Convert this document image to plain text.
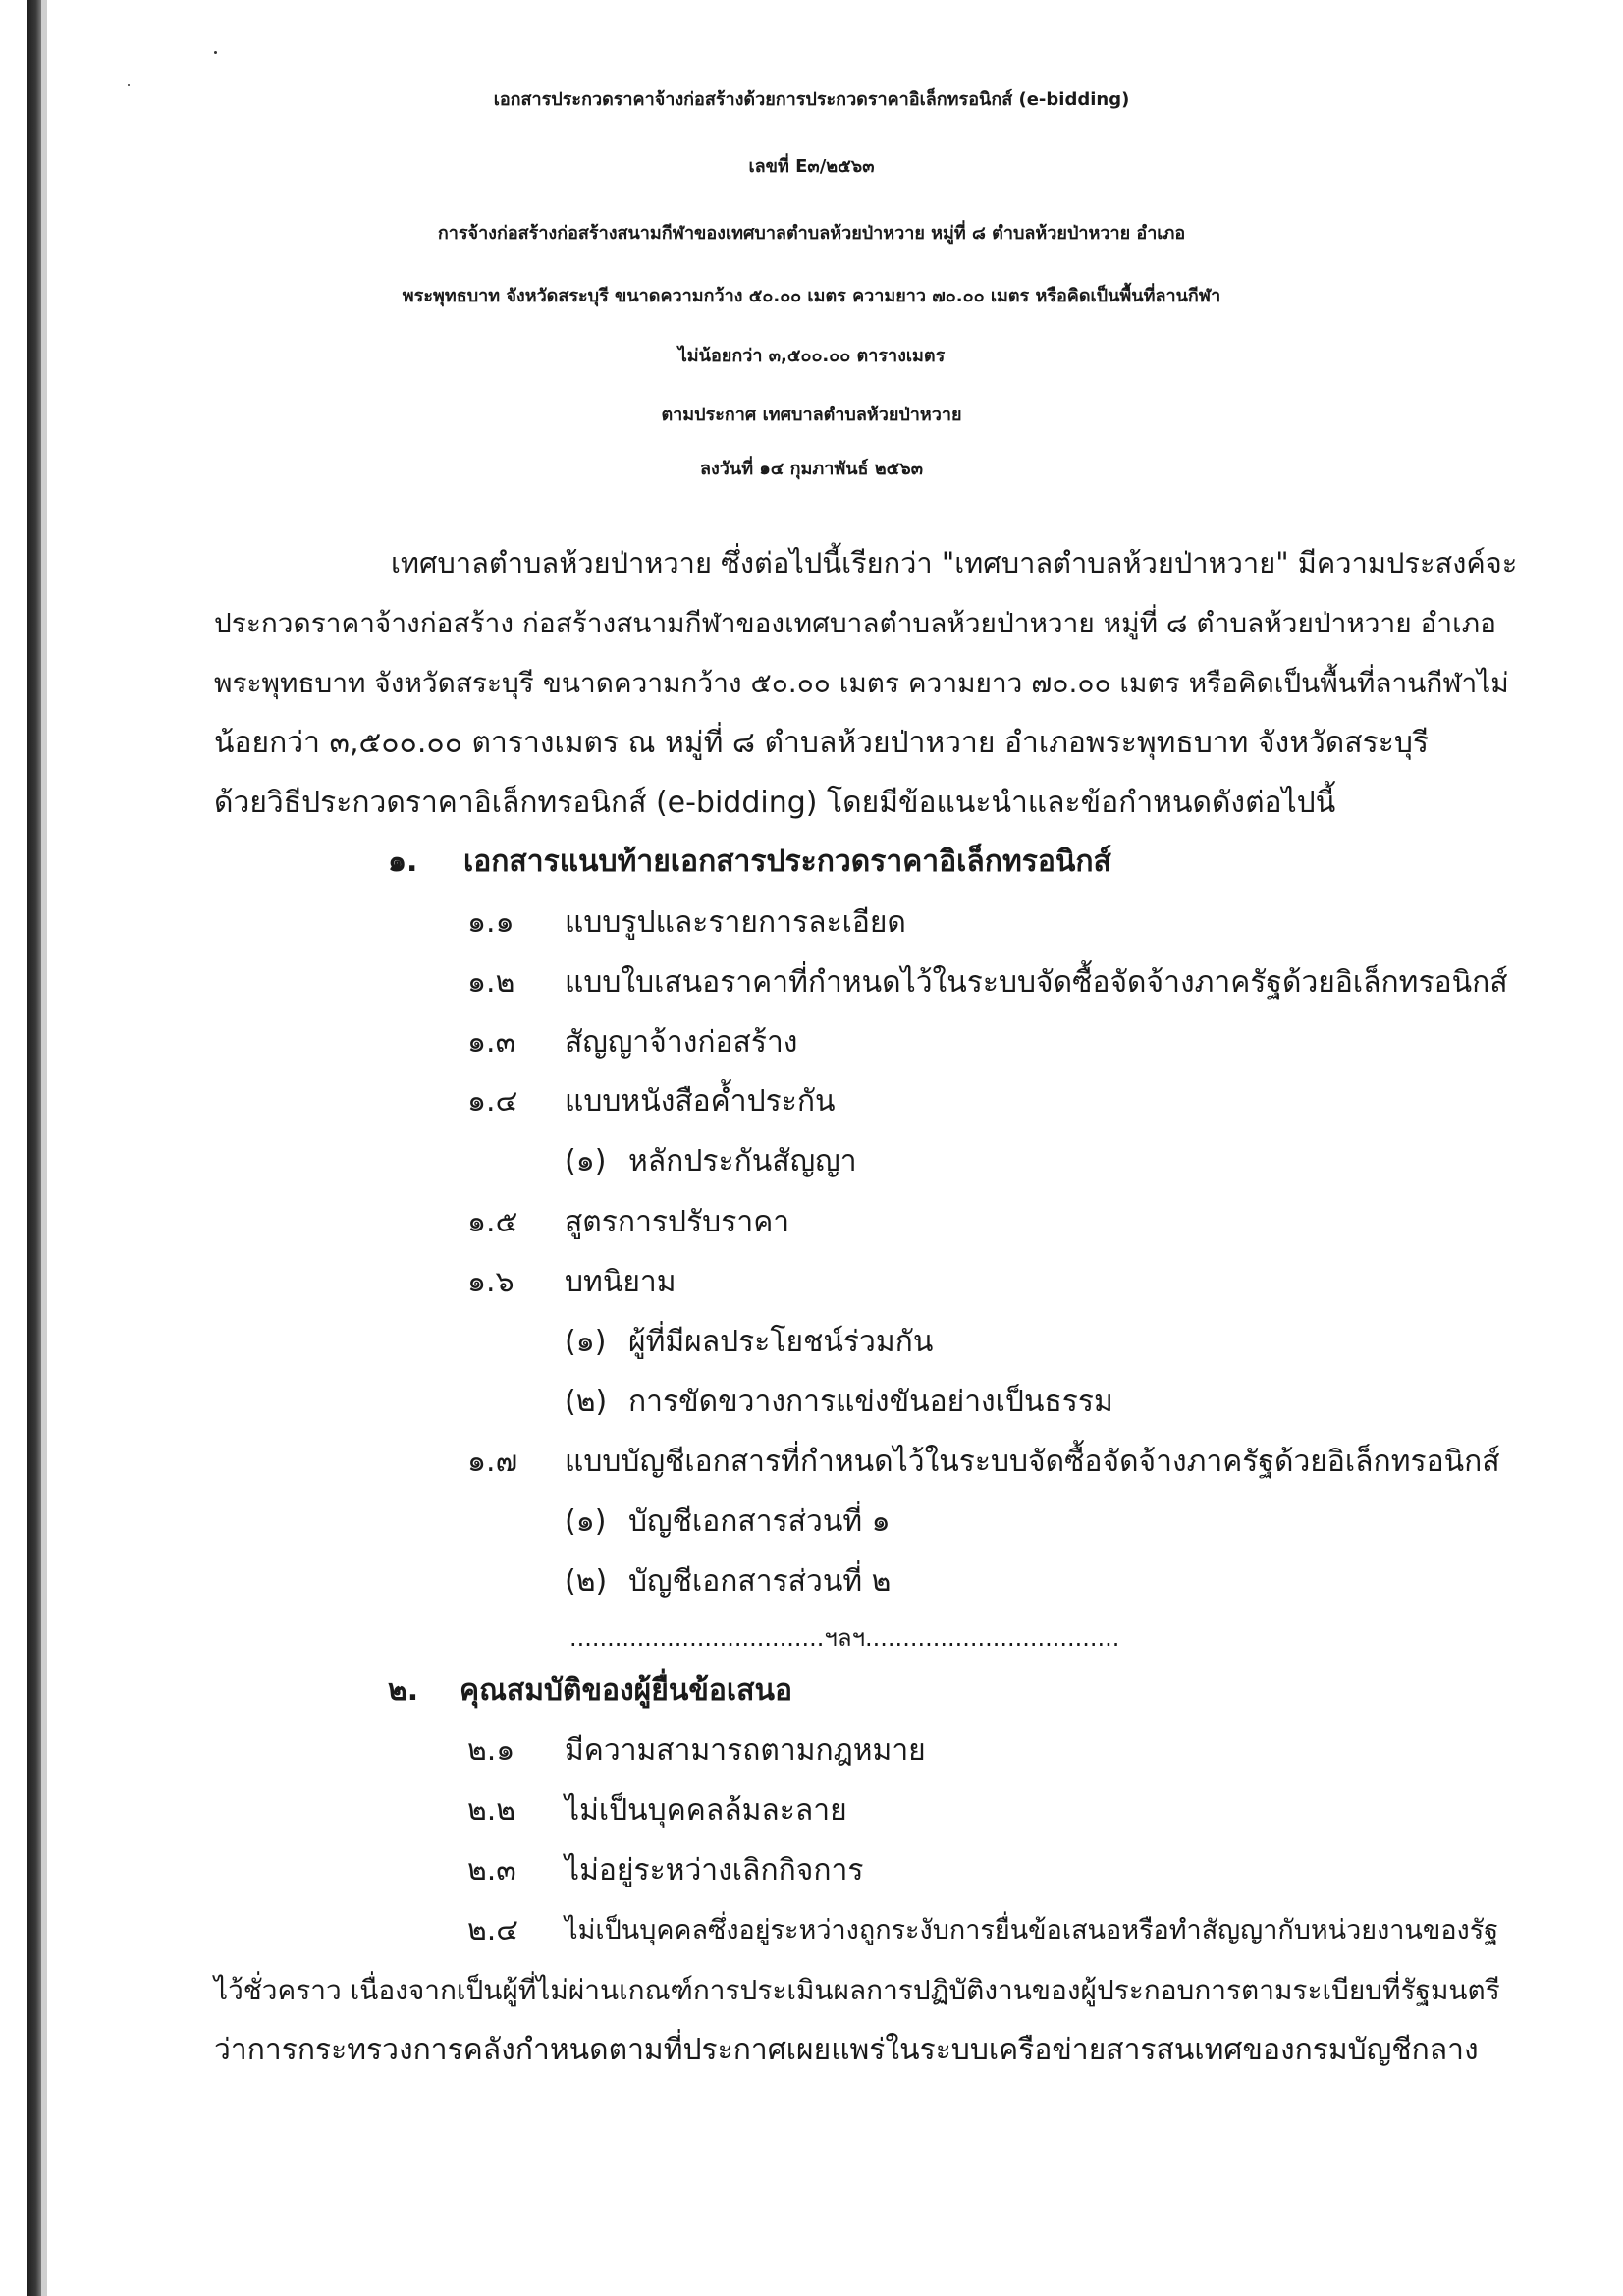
เอกสารประกวดราคาจ้างก่อสร้างด้วยการประกวดราคาอิเล็กทรอนิกส์ (e-bidding)
เลขที่ E๓/๒๕๖๓
การจ้างก่อสร้างก่อสร้างสนามกีฬาของเทศบาลตำบลห้วยป่าหวาย หมู่ที่ ๘ ตำบลห้วยป่าหวาย อำเภอ
พระพุทธบาท จังหวัดสระบุรี ขนาดความกว้าง ๕๐.๐๐ เมตร ความยาว ๗๐.๐๐ เมตร หรือคิดเป็นพื้นที่ลานกีฬา
ไม่น้อยกว่า ๓,๕๐๐.๐๐ ตารางเมตร
ตามประกาศ เทศบาลตำบลห้วยป่าหวาย
ลงวันที่ ๑๔ กุมภาพันธ์ ๒๕๖๓
เทศบาลตำบลห้วยป่าหวาย ซึ่งต่อไปนี้เรียกว่า "เทศบาลตำบลห้วยป่าหวาย" มีความประสงค์จะ
ประกวดราคาจ้างก่อสร้าง ก่อสร้างสนามกีฬาของเทศบาลตำบลห้วยป่าหวาย หมู่ที่ ๘ ตำบลห้วยป่าหวาย อำเภอ
พระพุทธบาท จังหวัดสระบุรี ขนาดความกว้าง ๕๐.๐๐ เมตร ความยาว ๗๐.๐๐ เมตร หรือคิดเป็นพื้นที่ลานกีฬาไม่
น้อยกว่า ๓,๕๐๐.๐๐ ตารางเมตร ณ หมู่ที่ ๘ ตำบลห้วยป่าหวาย อำเภอพระพุทธบาท จังหวัดสระบุรี
ด้วยวิธีประกวดราคาอิเล็กทรอนิกส์ (e-bidding) โดยมีข้อแนะนำและข้อกำหนดดังต่อไปนี้
๑. เอกสารแนบท้ายเอกสารประกวดราคาอิเล็กทรอนิกส์
๑.๑ แบบรูปและรายการละเอียด
๑.๒ แบบใบเสนอราคาที่กำหนดไว้ในระบบจัดซื้อจัดจ้างภาครัฐด้วยอิเล็กทรอนิกส์
๑.๓ สัญญาจ้างก่อสร้าง
๑.๔ แบบหนังสือค้ำประกัน
(๑) หลักประกันสัญญา
๑.๕ สูตรการปรับราคา
๑.๖ บทนิยาม
(๑) ผู้ที่มีผลประโยชน์ร่วมกัน
(๒) การขัดขวางการแข่งขันอย่างเป็นธรรม
๑.๗ แบบบัญชีเอกสารที่กำหนดไว้ในระบบจัดซื้อจัดจ้างภาครัฐด้วยอิเล็กทรอนิกส์
(๑) บัญชีเอกสารส่วนที่ ๑
(๒) บัญชีเอกสารส่วนที่ ๒
..................................ฯลฯ..................................
๒. คุณสมบัติของผู้ยื่นข้อเสนอ
๒.๑ มีความสามารถตามกฎหมาย
๒.๒ ไม่เป็นบุคคลล้มละลาย
๒.๓ ไม่อยู่ระหว่างเลิกกิจการ
๒.๔ ไม่เป็นบุคคลซึ่งอยู่ระหว่างถูกระงับการยื่นข้อเสนอหรือทำสัญญากับหน่วยงานของรัฐ
ไว้ชั่วคราว เนื่องจากเป็นผู้ที่ไม่ผ่านเกณฑ์การประเมินผลการปฏิบัติงานของผู้ประกอบการตามระเบียบที่รัฐมนตรี
ว่าการกระทรวงการคลังกำหนดตามที่ประกาศเผยแพร่ในระบบเครือข่ายสารสนเทศของกรมบัญชีกลาง
